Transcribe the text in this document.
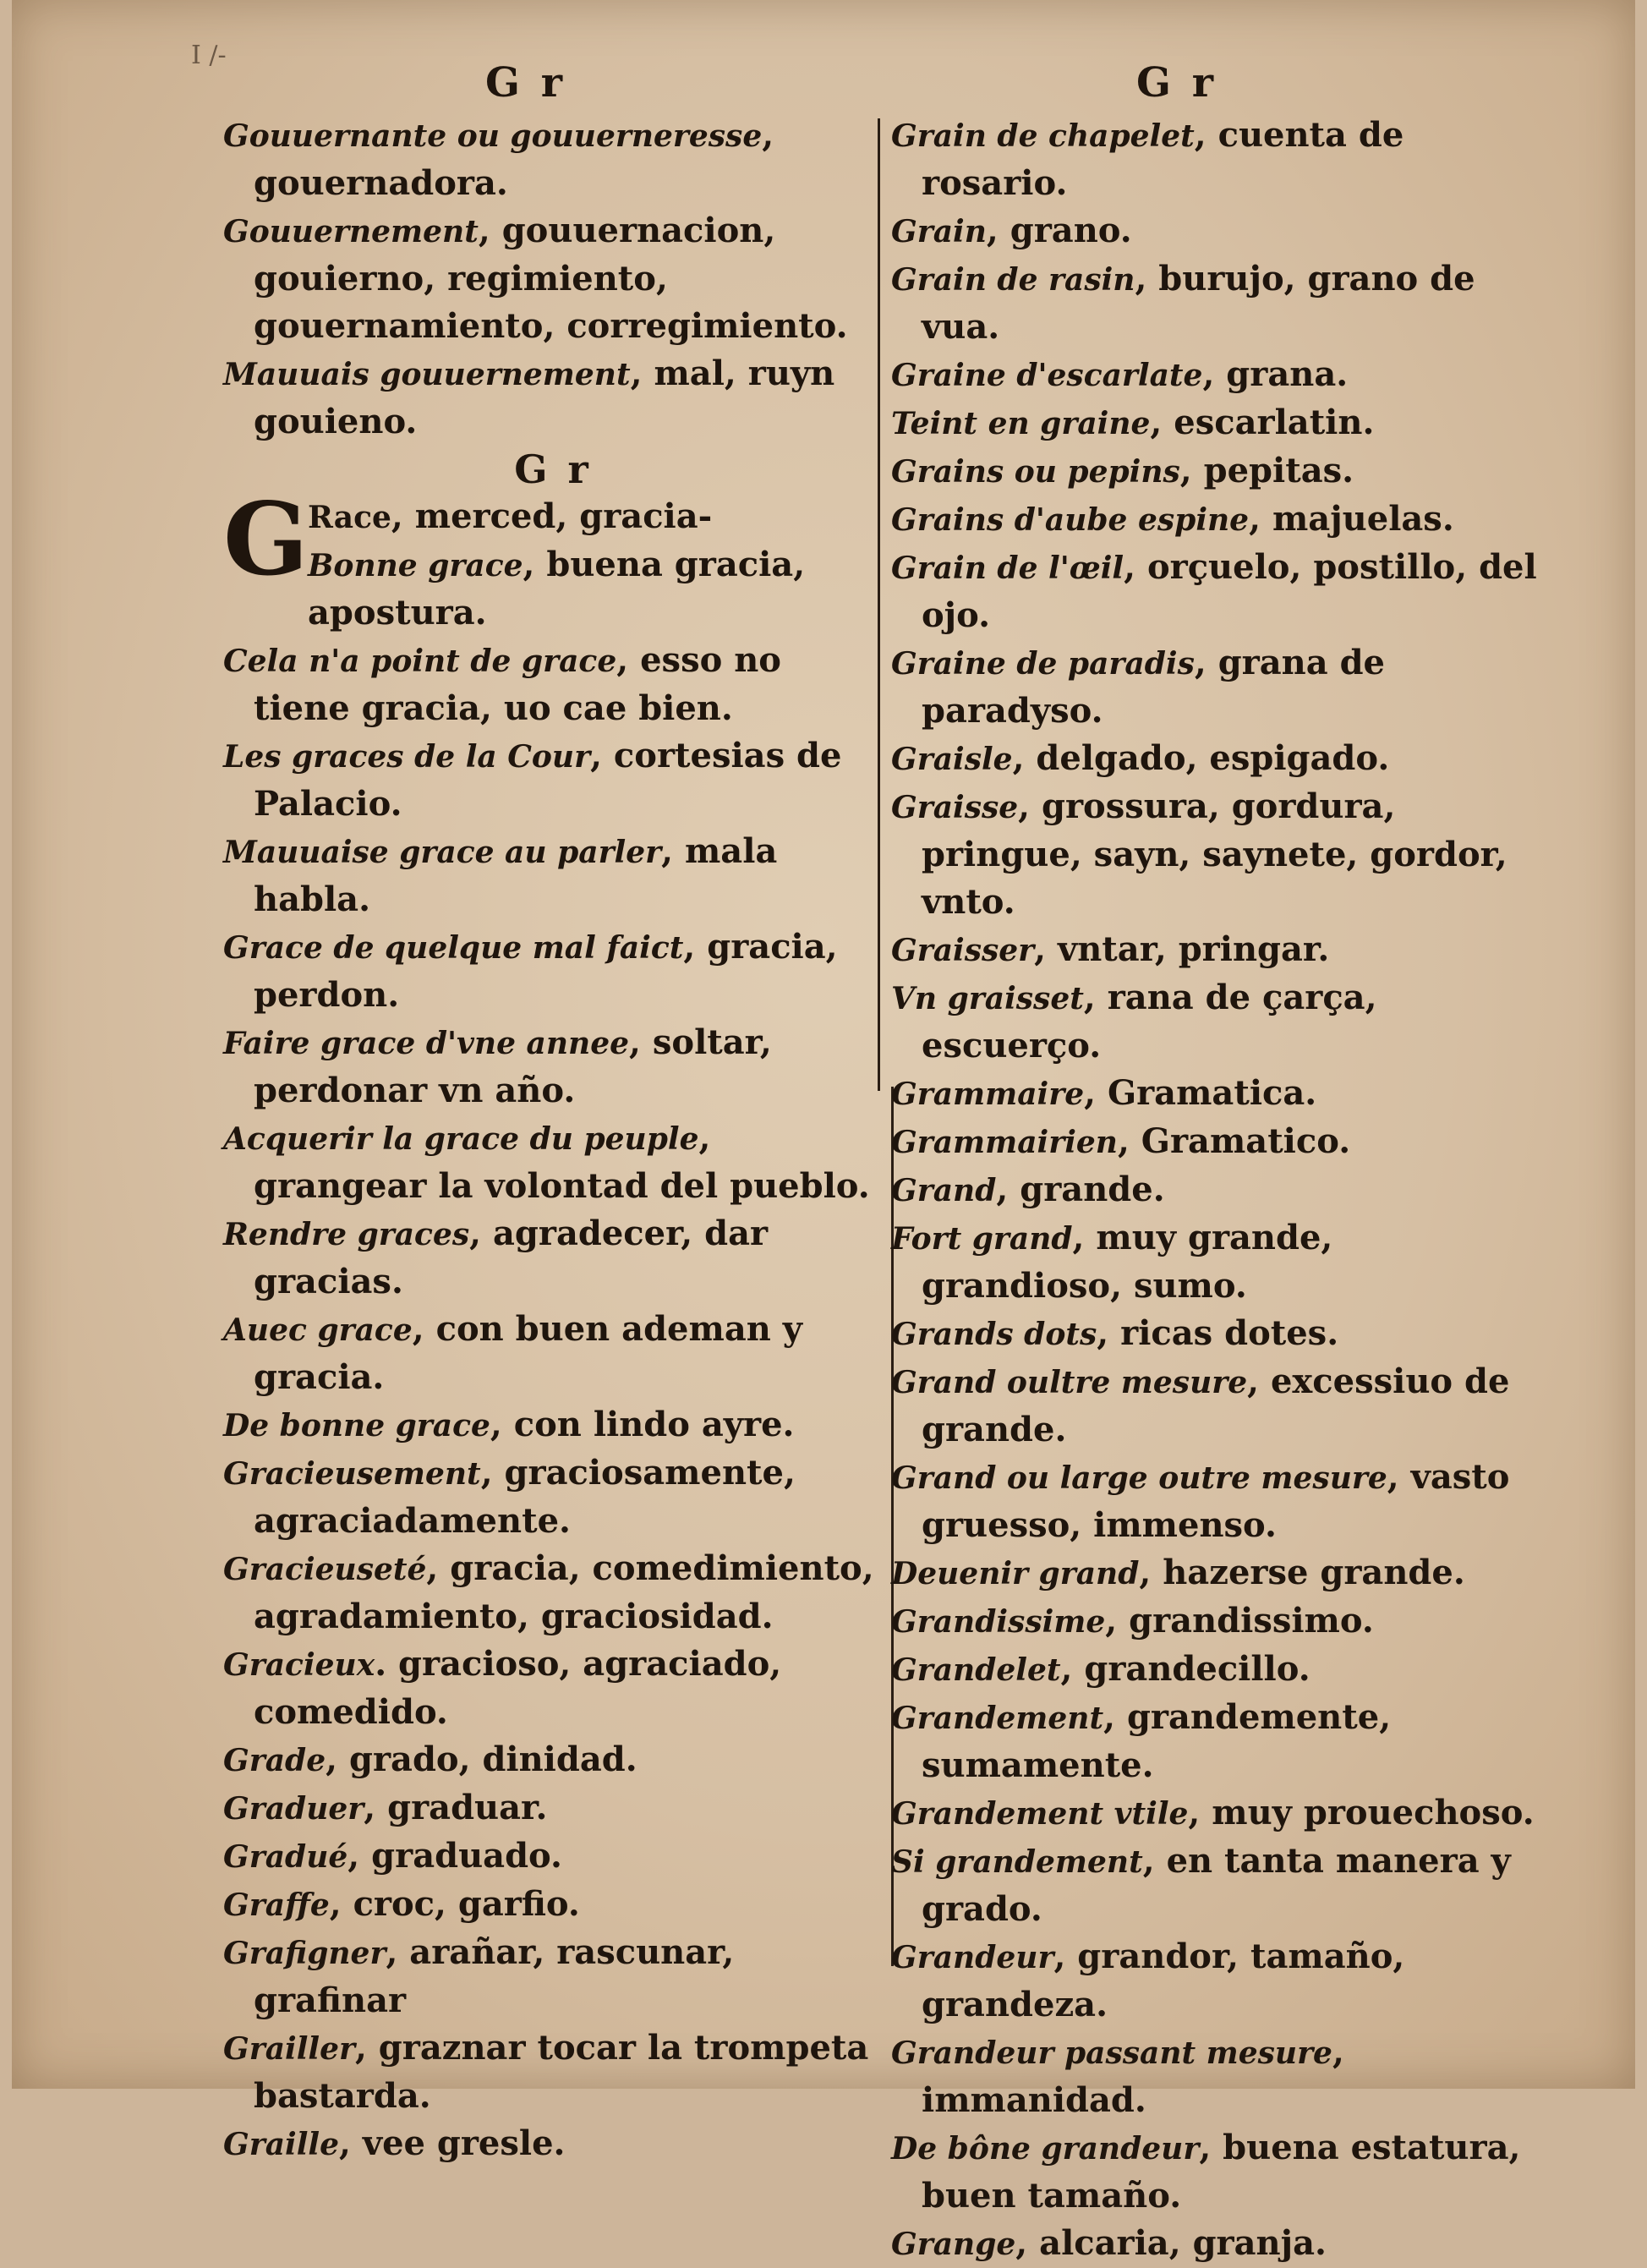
I /-
G r	G r
Gouuernante ou gouuerneresse, gouernadora.
Gouuernement, gouuernacion, gouierno, regimiento, gouernamiento, corregimiento.
Mauuais gouuernement, mal, ruyn gouieno.
G r
G Race, merced, gracia-
Bonne grace, buena gracia, apostura.
Cela n'a point de grace, esso no tiene gracia, uo cae bien.
Les graces de la Cour, cortesias de Palacio.
Mauuaise grace au parler, mala habla.
Grace de quelque mal faict, gracia, perdon.
Faire grace d'vne annee, soltar, perdonar vn año.
Acquerir la grace du peuple, grangear la volontad del pueblo.
Rendre graces, agradecer, dar gracias.
Auec grace, con buen ademan y gracia.
De bonne grace, con lindo ayre.
Gracieusement, graciosamente, agraciadamente.
Gracieuseté, gracia, comedimiento, agradamiento, graciosidad.
Gracieux. gracioso, agraciado, comedido.
Grade, grado, dinidad.
Graduer, graduar.
Gradué, graduado.
Graffe, croc, garfio.
Grafigner, arañar, rascunar, grafinar
Grailler, graznar tocar la trompeta bastarda.
Graille, vee gresle.
Grain de chapelet, cuenta de rosario.
Grain, grano.
Grain de rasin, burujo, grano de vua.
Graine d'escarlate, grana.
Teint en graine, escarlatin.
Grains ou pepins, pepitas.
Grains d'aube espine, majuelas.
Grain de l'œil, orçuelo, postillo, del ojo.
Graine de paradis, grana de paradyso.
Graisle, delgado, espigado.
Graisse, grossura, gordura, pringue, sayn, saynete, gordor, vnto.
Graisser, vntar, pringar.
Vn graisset, rana de çarça, escuerço.
Grammaire, Gramatica.
Grammairien, Gramatico.
Grand, grande.
Fort grand, muy grande, grandioso, sumo.
Grands dots, ricas dotes.
Grand oultre mesure, excessiuo de grande.
Grand ou large outre mesure, vasto gruesso, immenso.
Deuenir grand, hazerse grande.
Grandissime, grandissimo.
Grandelet, grandecillo.
Grandement, grandemente, sumamente.
Grandement vtile, muy prouechoso.
Si grandement, en tanta manera y grado.
Grandeur, grandor, tamaño, grandeza.
Grandeur passant mesure, immanidad.
De bône grandeur, buena estatura, buen tamaño.
Grange, alcaria, granja.
